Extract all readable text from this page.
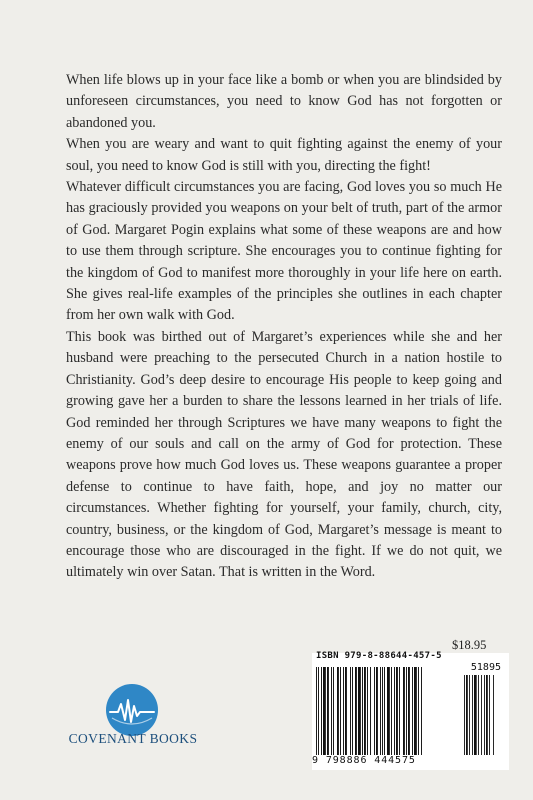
When life blows up in your face like a bomb or when you are blindsided by unforeseen circumstances, you need to know God has not forgotten or abandoned you.

When you are weary and want to quit fighting against the enemy of your soul, you need to know God is still with you, directing the fight!

Whatever difficult circumstances you are facing, God loves you so much He has graciously provided you weapons on your belt of truth, part of the armor of God. Margaret Pogin explains what some of these weapons are and how to use them through scripture. She encourages you to continue fighting for the kingdom of God to manifest more thoroughly in your life here on earth. She gives real-life examples of the principles she outlines in each chapter from her own walk with God.

This book was birthed out of Margaret’s experiences while she and her husband were preaching to the persecuted Church in a nation hostile to Christianity. God’s deep desire to encourage His people to keep going and growing gave her a burden to share the lessons learned in her trials of life. God reminded her through Scriptures we have many weapons to fight the enemy of our souls and call on the army of God for protection. These weapons prove how much God loves us. These weapons guarantee a proper defense to continue to have faith, hope, and joy no matter our circumstances. Whether fighting for yourself, your family, church, city, country, business, or the kingdom of God, Margaret’s message is meant to encourage those who are discouraged in the fight. If we do not quit, we ultimately win over Satan. That is written in the Word.

$18.95
ISBN 979-8-88644-457-5
51895
9 798886 444575
COVENANT BOOKS
